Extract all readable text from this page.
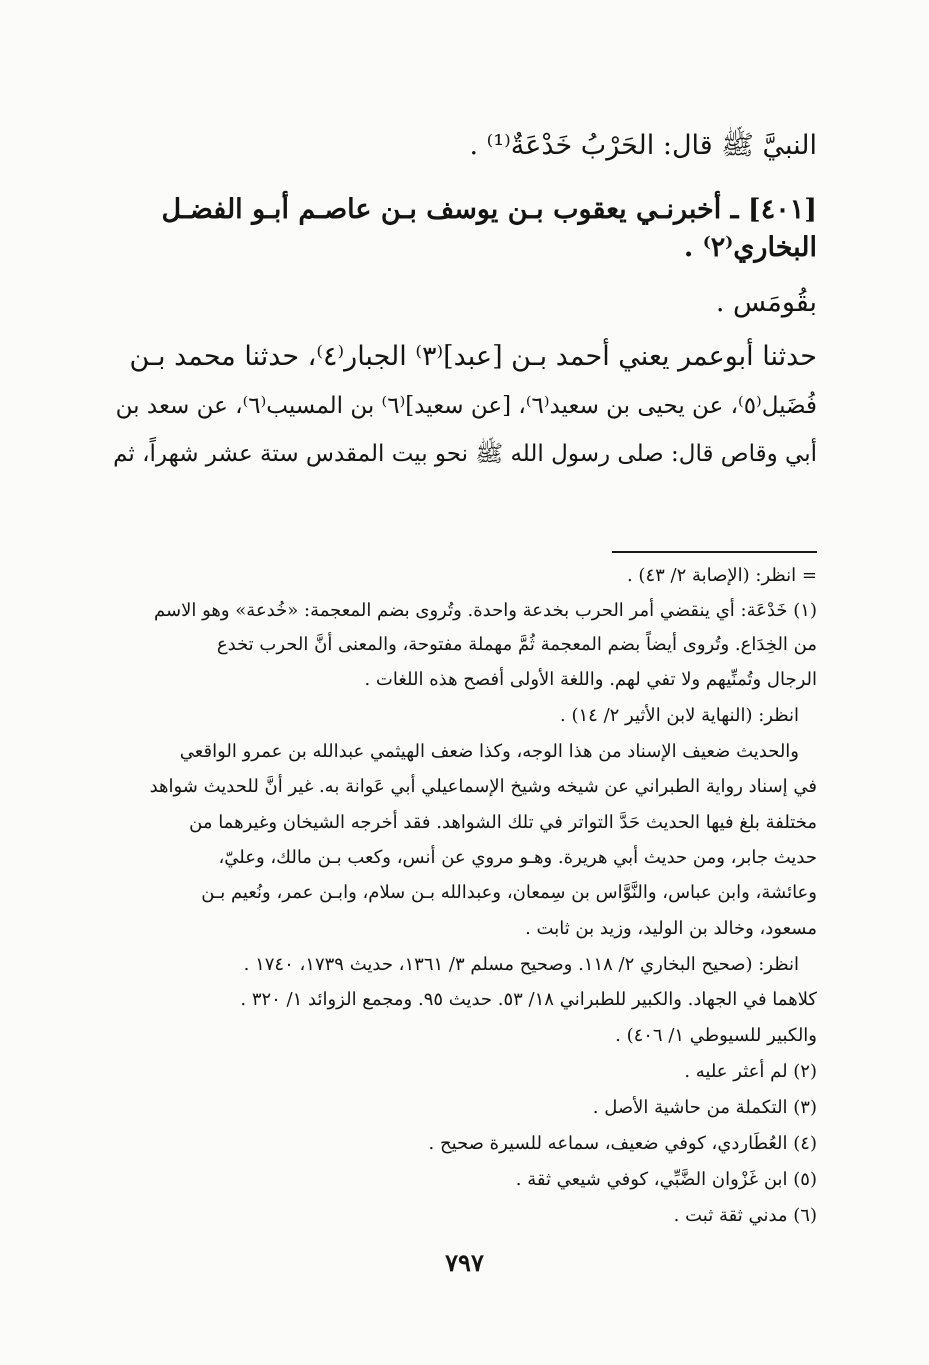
النبيَّ ﷺ قال: الحَرْبُ خَدْعَةٌ⁽¹⁾ .
[٤٠١] ـ أخبرنـي يعقوب بـن يوسف بـن عاصـم أبـو الفضـل
البخاري⁽٢⁾ .
بقُومَس .
حدثنا أبوعمر يعني أحمد بـن [عبد]⁽٣⁾ الجبار⁽٤⁾، حدثنا محمد بـن
فُضَيل⁽٥⁾، عن يحيى بن سعيد⁽٦⁾، [عن سعيد]⁽٦⁾ بن المسيب⁽٦⁾، عن سعد بن
أبي وقاص قال: صلى رسول الله ﷺ نحو بيت المقدس ستة عشر شهراً، ثم
= انظر: (الإصابة ٢/ ٤٣) .
(١) خَدْعَة: أي ينقضي أمر الحرب بخدعة واحدة. وتُروى بضم المعجمة: «خُدعة» وهو الاسم
من الخِدَاع. وتُروى أيضاً بضم المعجمة ثُمَّ مهملة مفتوحة، والمعنى أنَّ الحرب تخدع
الرجال وتُمنِّيهم ولا تفي لهم. واللغة الأولى أفصح هذه اللغات .
انظر: (النهاية لابن الأثير ٢/ ١٤) .
والحديث ضعيف الإسناد من هذا الوجه، وكذا ضعف الهيثمي عبدالله بن عمرو الواقعي
في إسناد رواية الطبراني عن شيخه وشيخ الإسماعيلي أبي عَوانة به. غير أنَّ للحديث شواهد
مختلفة بلغ فيها الحديث حَدَّ التواتر في تلك الشواهد. فقد أخرجه الشيخان وغيرهما من
حديث جابر، ومن حديث أبي هريرة. وهـو مروي عن أنس، وكعب بـن مالك، وعليّ،
وعائشة، وابن عباس، والنَّوَّاس بن سِمعان، وعبدالله بـن سلام، وابـن عمر، ونُعيم بـن
مسعود، وخالد بن الوليد، وزيد بن ثابت .
انظر: (صحيح البخاري ٢/ ١١٨. وصحيح مسلم ٣/ ١٣٦١، حديث ١٧٣٩، ١٧٤٠ .
كلاهما في الجهاد. والكبير للطبراني ١٨/ ٥٣. حديث ٩٥. ومجمع الزوائد ١/ ٣٢٠ .
والكبير للسيوطي ١/ ٤٠٦) .
(٢) لم أعثر عليه .
(٣) التكملة من حاشية الأصل .
(٤) العُطَاردي، كوفي ضعيف، سماعه للسيرة صحيح .
(٥) ابن غَزْوان الضَّبِّي، كوفي شيعي ثقة .
(٦) مدني ثقة ثبت .
٧٩٧
